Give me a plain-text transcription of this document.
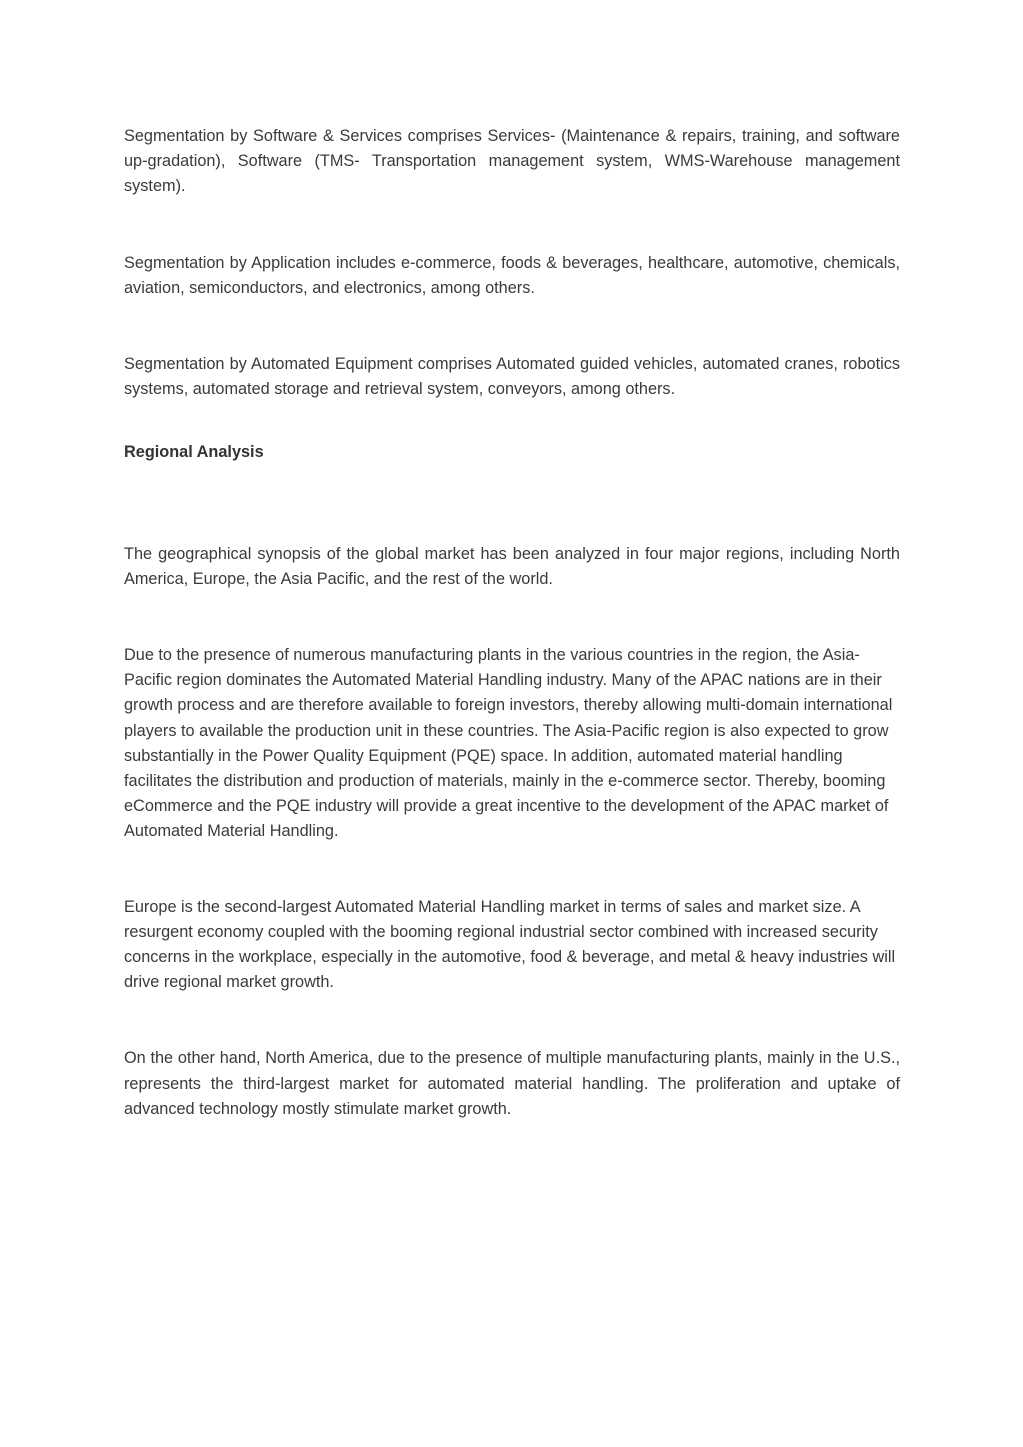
Segmentation by Software & Services comprises Services- (Maintenance & repairs, training, and software up-gradation), Software (TMS- Transportation management system, WMS-Warehouse management system).

Segmentation by Application includes e-commerce, foods & beverages, healthcare, automotive, chemicals, aviation, semiconductors, and electronics, among others.

Segmentation by Automated Equipment comprises Automated guided vehicles, automated cranes, robotics systems, automated storage and retrieval system, conveyors, among others.

Regional Analysis

The geographical synopsis of the global market has been analyzed in four major regions, including North America, Europe, the Asia Pacific, and the rest of the world.

Due to the presence of numerous manufacturing plants in the various countries in the region, the Asia-Pacific region dominates the Automated Material Handling industry. Many of the APAC nations are in their growth process and are therefore available to foreign investors, thereby allowing multi-domain international players to available the production unit in these countries. The Asia-Pacific region is also expected to grow substantially in the Power Quality Equipment (PQE) space. In addition, automated material handling facilitates the distribution and production of materials, mainly in the e-commerce sector. Thereby, booming eCommerce and the PQE industry will provide a great incentive to the development of the APAC market of Automated Material Handling.

Europe is the second-largest Automated Material Handling market in terms of sales and market size. A resurgent economy coupled with the booming regional industrial sector combined with increased security concerns in the workplace, especially in the automotive, food & beverage, and metal & heavy industries will drive regional market growth.

On the other hand, North America, due to the presence of multiple manufacturing plants, mainly in the U.S., represents the third-largest market for automated material handling. The proliferation and uptake of advanced technology mostly stimulate market growth.
